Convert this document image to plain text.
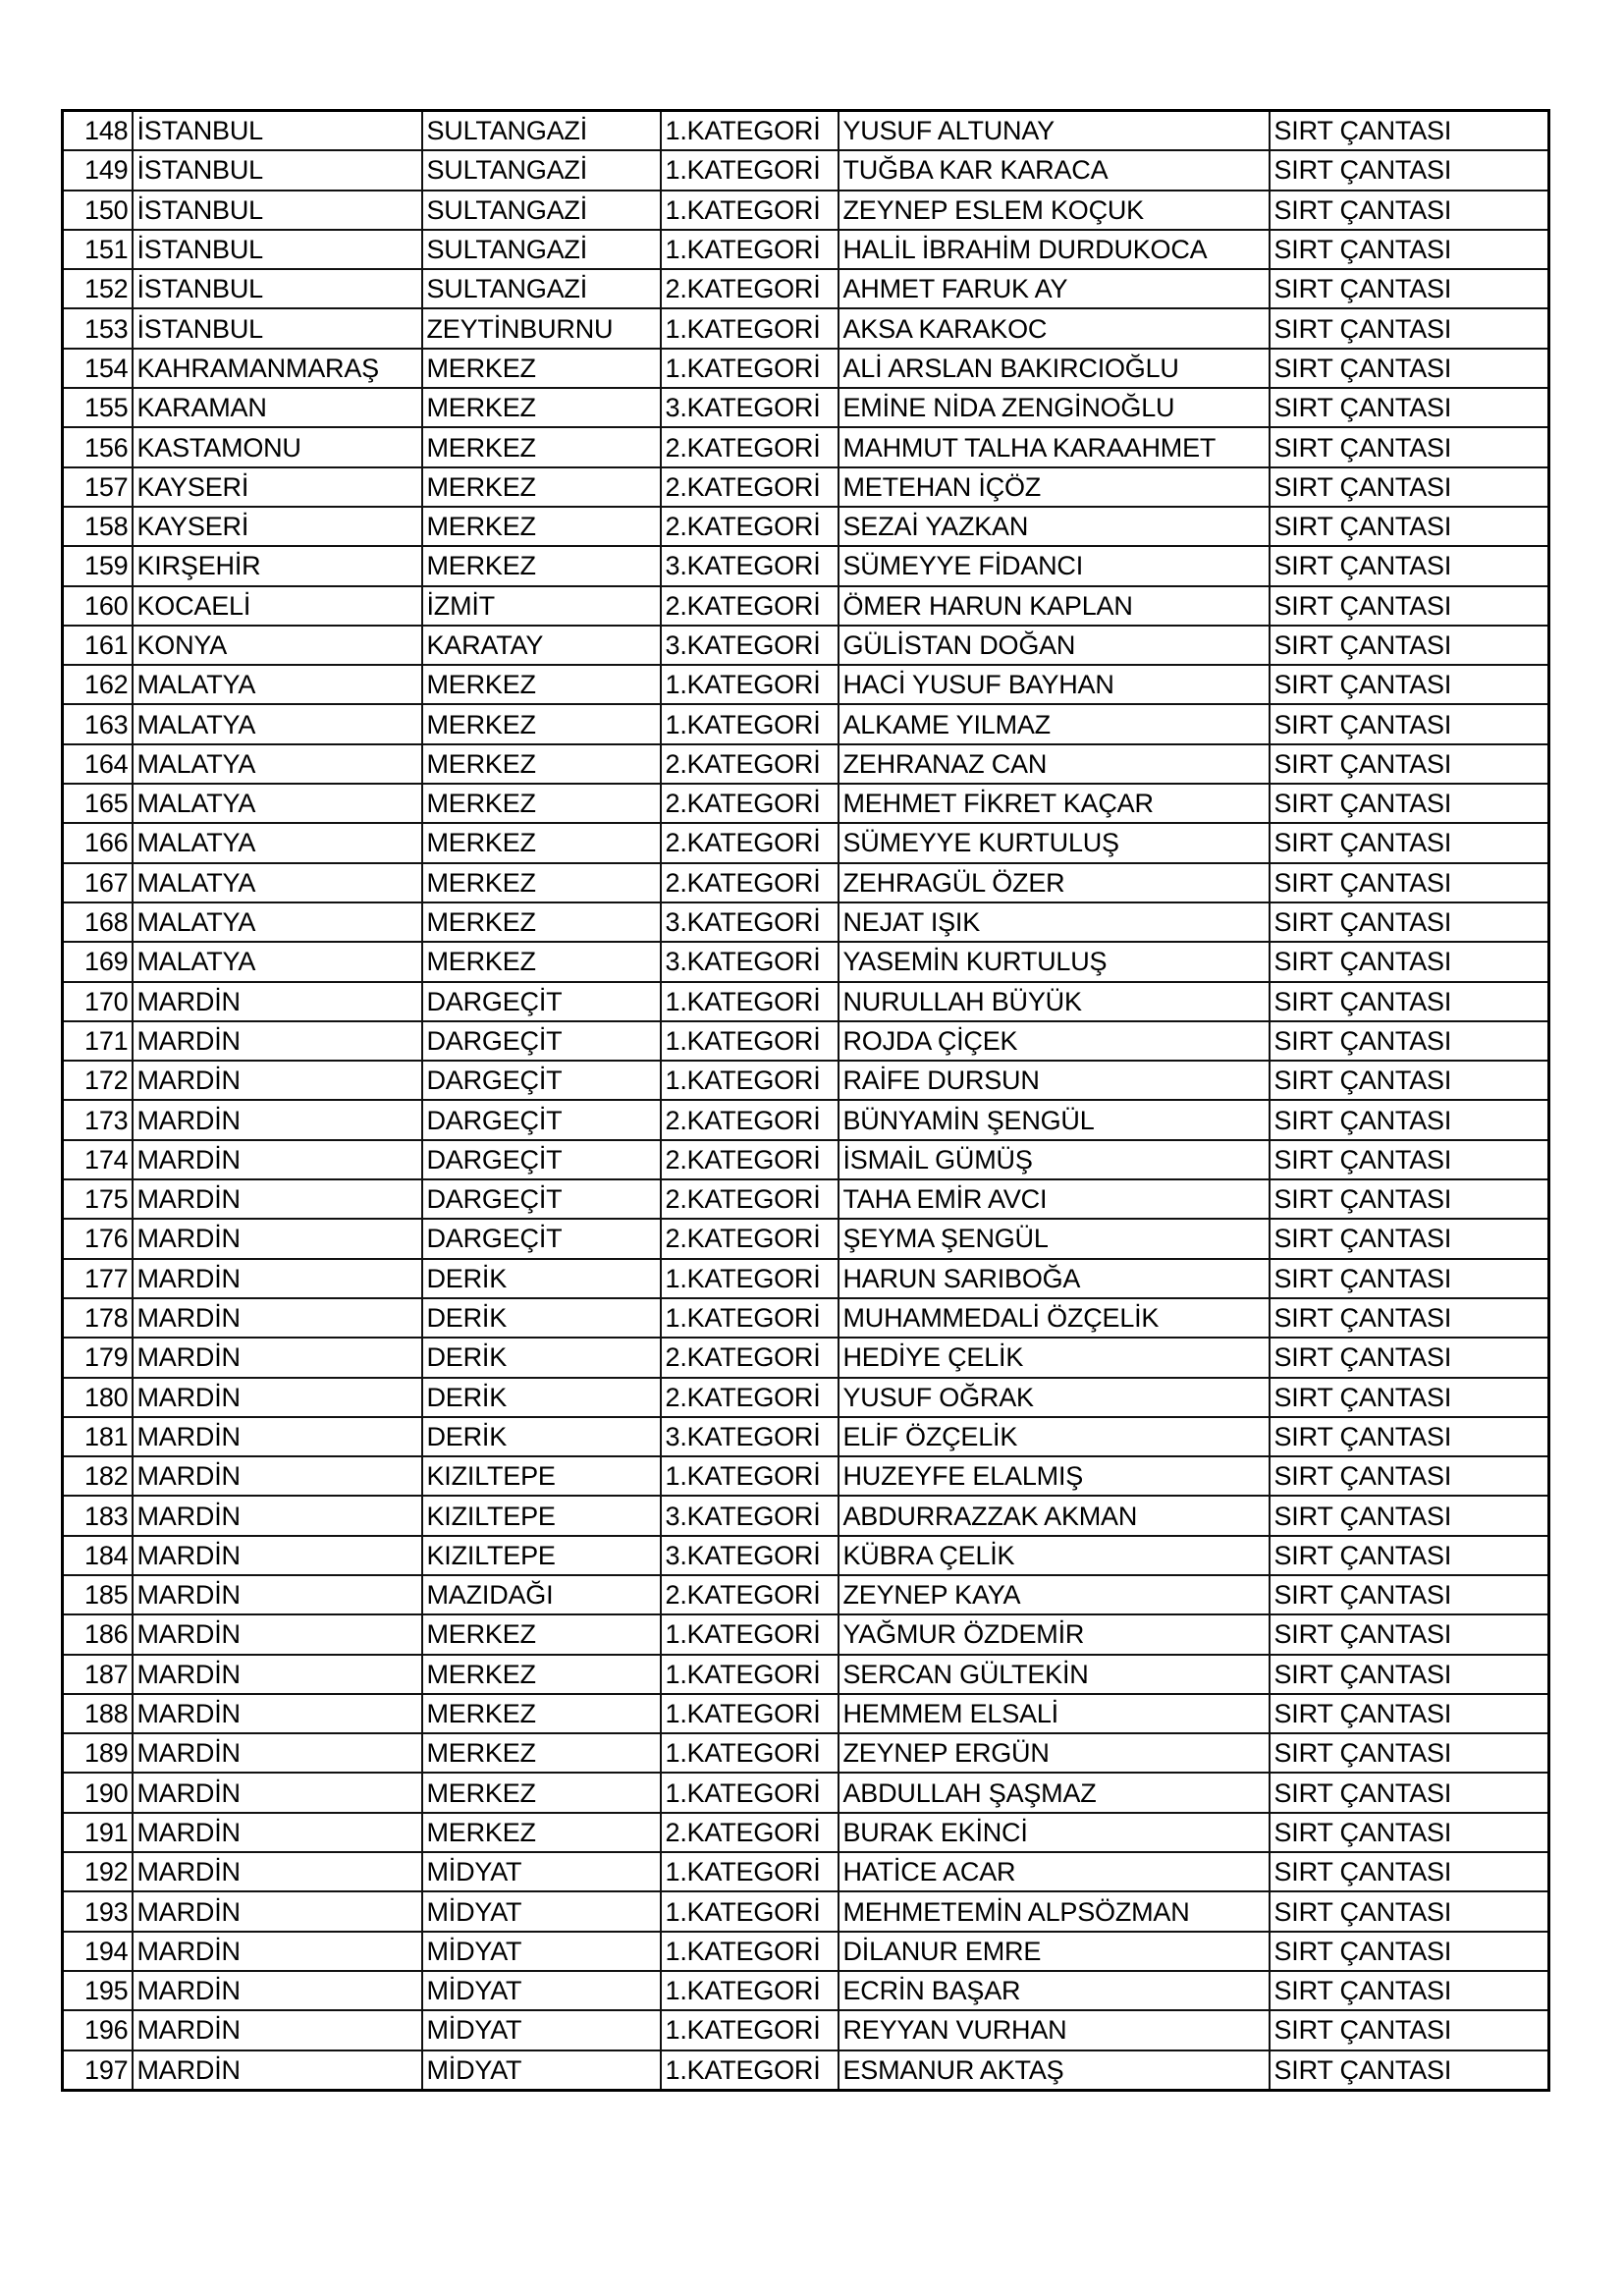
148	İSTANBUL	SULTANGAZİ	1.KATEGORİ	YUSUF ALTUNAY	SIRT ÇANTASI
149	İSTANBUL	SULTANGAZİ	1.KATEGORİ	TUĞBA KAR KARACA	SIRT ÇANTASI
150	İSTANBUL	SULTANGAZİ	1.KATEGORİ	ZEYNEP ESLEM KOÇUK	SIRT ÇANTASI
151	İSTANBUL	SULTANGAZİ	1.KATEGORİ	HALİL İBRAHİM DURDUKOCA	SIRT ÇANTASI
152	İSTANBUL	SULTANGAZİ	2.KATEGORİ	AHMET FARUK AY	SIRT ÇANTASI
153	İSTANBUL	ZEYTİNBURNU	1.KATEGORİ	AKSA KARAKOC	SIRT ÇANTASI
154	KAHRAMANMARAŞ	MERKEZ	1.KATEGORİ	ALİ ARSLAN BAKIRCIOĞLU	SIRT ÇANTASI
155	KARAMAN	MERKEZ	3.KATEGORİ	EMİNE NİDA ZENGİNOĞLU	SIRT ÇANTASI
156	KASTAMONU	MERKEZ	2.KATEGORİ	MAHMUT TALHA KARAAHMET	SIRT ÇANTASI
157	KAYSERİ	MERKEZ	2.KATEGORİ	METEHAN İÇÖZ	SIRT ÇANTASI
158	KAYSERİ	MERKEZ	2.KATEGORİ	SEZAİ YAZKAN	SIRT ÇANTASI
159	KIRŞEHİR	MERKEZ	3.KATEGORİ	SÜMEYYE FİDANCI	SIRT ÇANTASI
160	KOCAELİ	İZMİT	2.KATEGORİ	ÖMER HARUN KAPLAN	SIRT ÇANTASI
161	KONYA	KARATAY	3.KATEGORİ	GÜLİSTAN DOĞAN	SIRT ÇANTASI
162	MALATYA	MERKEZ	1.KATEGORİ	HACİ YUSUF BAYHAN	SIRT ÇANTASI
163	MALATYA	MERKEZ	1.KATEGORİ	ALKAME YILMAZ	SIRT ÇANTASI
164	MALATYA	MERKEZ	2.KATEGORİ	ZEHRANAZ CAN	SIRT ÇANTASI
165	MALATYA	MERKEZ	2.KATEGORİ	MEHMET FİKRET KAÇAR	SIRT ÇANTASI
166	MALATYA	MERKEZ	2.KATEGORİ	SÜMEYYE KURTULUŞ	SIRT ÇANTASI
167	MALATYA	MERKEZ	2.KATEGORİ	ZEHRAGÜL ÖZER	SIRT ÇANTASI
168	MALATYA	MERKEZ	3.KATEGORİ	NEJAT IŞIK	SIRT ÇANTASI
169	MALATYA	MERKEZ	3.KATEGORİ	YASEMİN KURTULUŞ	SIRT ÇANTASI
170	MARDİN	DARGEÇİT	1.KATEGORİ	NURULLAH BÜYÜK	SIRT ÇANTASI
171	MARDİN	DARGEÇİT	1.KATEGORİ	ROJDA ÇİÇEK	SIRT ÇANTASI
172	MARDİN	DARGEÇİT	1.KATEGORİ	RAİFE DURSUN	SIRT ÇANTASI
173	MARDİN	DARGEÇİT	2.KATEGORİ	BÜNYAMİN ŞENGÜL	SIRT ÇANTASI
174	MARDİN	DARGEÇİT	2.KATEGORİ	İSMAİL GÜMÜŞ	SIRT ÇANTASI
175	MARDİN	DARGEÇİT	2.KATEGORİ	TAHA EMİR AVCI	SIRT ÇANTASI
176	MARDİN	DARGEÇİT	2.KATEGORİ	ŞEYMA ŞENGÜL	SIRT ÇANTASI
177	MARDİN	DERİK	1.KATEGORİ	HARUN SARIBOĞA	SIRT ÇANTASI
178	MARDİN	DERİK	1.KATEGORİ	MUHAMMEDALİ ÖZÇELİK	SIRT ÇANTASI
179	MARDİN	DERİK	2.KATEGORİ	HEDİYE ÇELİK	SIRT ÇANTASI
180	MARDİN	DERİK	2.KATEGORİ	YUSUF OĞRAK	SIRT ÇANTASI
181	MARDİN	DERİK	3.KATEGORİ	ELİF ÖZÇELİK	SIRT ÇANTASI
182	MARDİN	KIZILTEPE	1.KATEGORİ	HUZEYFE ELALMIŞ	SIRT ÇANTASI
183	MARDİN	KIZILTEPE	3.KATEGORİ	ABDURRAZZAK AKMAN	SIRT ÇANTASI
184	MARDİN	KIZILTEPE	3.KATEGORİ	KÜBRA ÇELİK	SIRT ÇANTASI
185	MARDİN	MAZIDAĞI	2.KATEGORİ	ZEYNEP KAYA	SIRT ÇANTASI
186	MARDİN	MERKEZ	1.KATEGORİ	YAĞMUR ÖZDEMİR	SIRT ÇANTASI
187	MARDİN	MERKEZ	1.KATEGORİ	SERCAN GÜLTEKİN	SIRT ÇANTASI
188	MARDİN	MERKEZ	1.KATEGORİ	HEMMEM ELSALİ	SIRT ÇANTASI
189	MARDİN	MERKEZ	1.KATEGORİ	ZEYNEP ERGÜN	SIRT ÇANTASI
190	MARDİN	MERKEZ	1.KATEGORİ	ABDULLAH ŞAŞMAZ	SIRT ÇANTASI
191	MARDİN	MERKEZ	2.KATEGORİ	BURAK EKİNCİ	SIRT ÇANTASI
192	MARDİN	MİDYAT	1.KATEGORİ	HATİCE ACAR	SIRT ÇANTASI
193	MARDİN	MİDYAT	1.KATEGORİ	MEHMETEMİN ALPSÖZMAN	SIRT ÇANTASI
194	MARDİN	MİDYAT	1.KATEGORİ	DİLANUR EMRE	SIRT ÇANTASI
195	MARDİN	MİDYAT	1.KATEGORİ	ECRİN BAŞAR	SIRT ÇANTASI
196	MARDİN	MİDYAT	1.KATEGORİ	REYYAN VURHAN	SIRT ÇANTASI
197	MARDİN	MİDYAT	1.KATEGORİ	ESMANUR AKTAŞ	SIRT ÇANTASI
